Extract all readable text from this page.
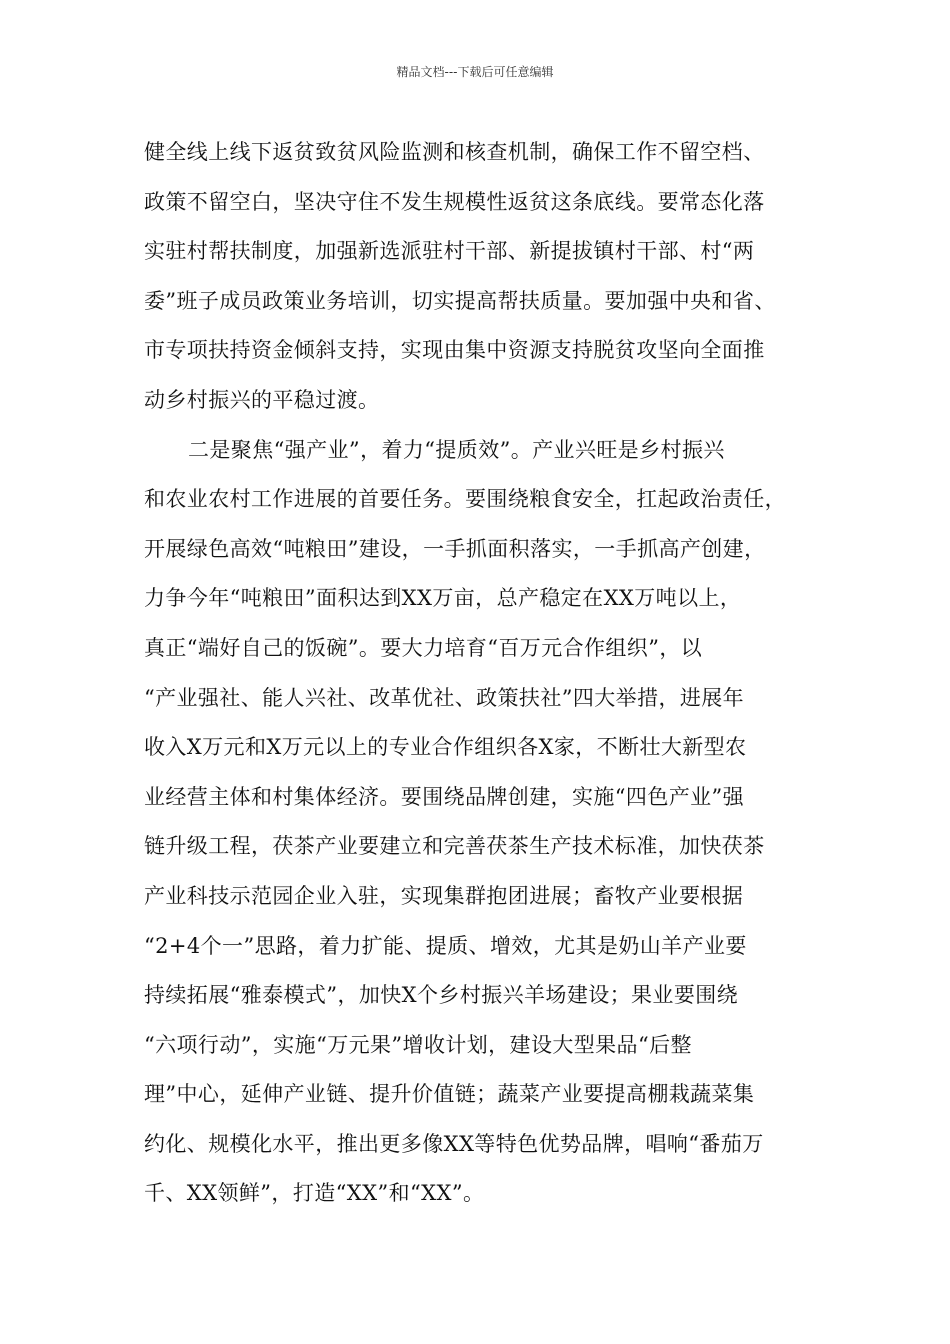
精品文档---下载后可任意编辑
健全线上线下返贫致贫风险监测和核查机制，确保工作不留空档、
政策不留空白，坚决守住不发生规模性返贫这条底线。要常态化落
实驻村帮扶制度，加强新选派驻村干部、新提拔镇村干部、村“两
委”班子成员政策业务培训，切实提高帮扶质量。要加强中央和省、
市专项扶持资金倾斜支持，实现由集中资源支持脱贫攻坚向全面推
动乡村振兴的平稳过渡。
二是聚焦“强产业”，着力“提质效”。产业兴旺是乡村振兴
和农业农村工作进展的首要任务。要围绕粮食安全，扛起政治责任，
开展绿色高效“吨粮田”建设，一手抓面积落实，一手抓高产创建，
力争今年“吨粮田”面积达到XX万亩，总产稳定在XX万吨以上，
真正“端好自己的饭碗”。要大力培育“百万元合作组织”，以
“产业强社、能人兴社、改革优社、政策扶社”四大举措，进展年
收入X万元和X万元以上的专业合作组织各X家，不断壮大新型农
业经营主体和村集体经济。要围绕品牌创建，实施“四色产业”强
链升级工程，茯茶产业要建立和完善茯茶生产技术标准，加快茯茶
产业科技示范园企业入驻，实现集群抱团进展；畜牧产业要根据
“2+4个一”思路，着力扩能、提质、增效，尤其是奶山羊产业要
持续拓展“雅泰模式”，加快X个乡村振兴羊场建设；果业要围绕
“六项行动”，实施“万元果”增收计划，建设大型果品“后整
理”中心，延伸产业链、提升价值链；蔬菜产业要提高棚栽蔬菜集
约化、规模化水平，推出更多像XX等特色优势品牌，唱响“番茄万
千、XX领鲜”，打造“XX”和“XX”。
